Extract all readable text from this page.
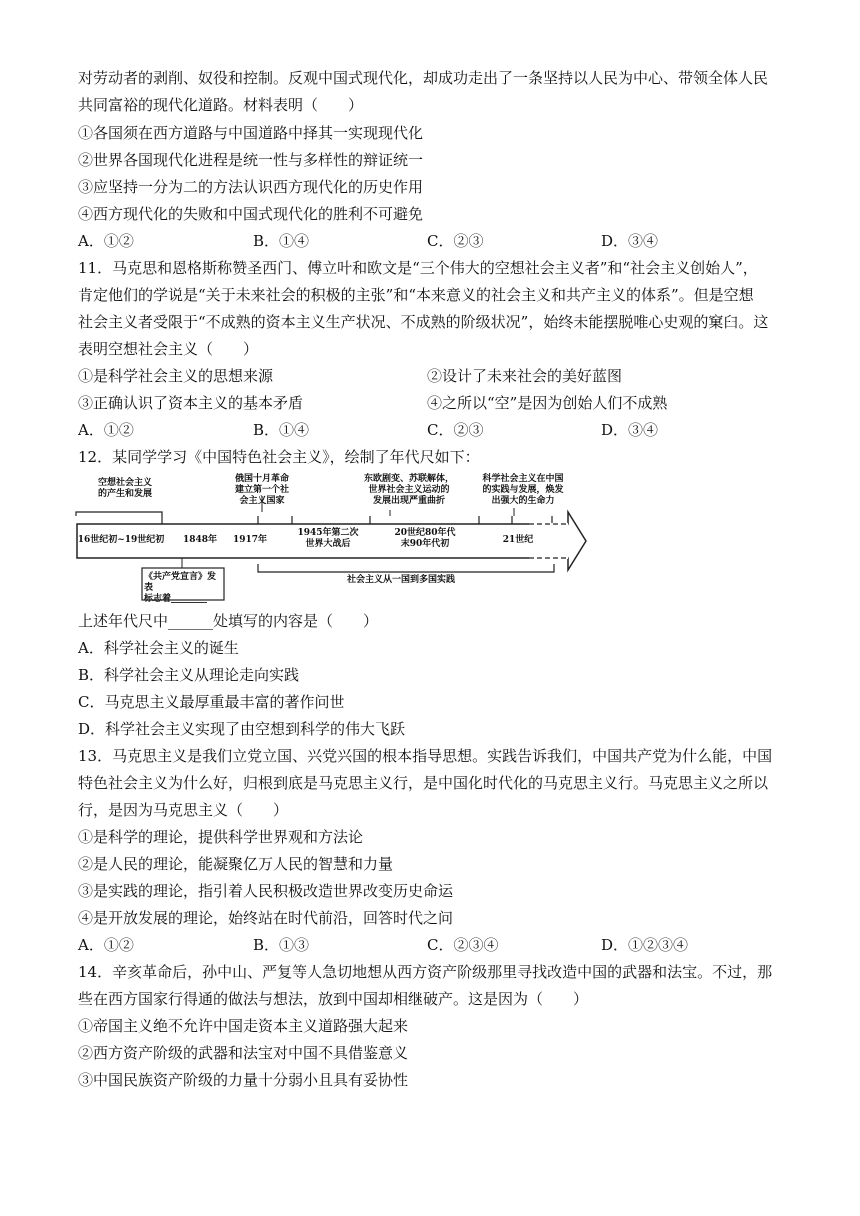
对劳动者的剥削、奴役和控制。反观中国式现代化，却成功走出了一条坚持以人民为中心、带领全体人民
共同富裕的现代化道路。材料表明（　　）
①各国须在西方道路与中国道路中择其一实现现代化
②世界各国现代化进程是统一性与多样性的辩证统一
③应坚持一分为二的方法认识西方现代化的历史作用
④西方现代化的失败和中国式现代化的胜利不可避免
A．①②	B．①④	C．②③	D．③④
11．马克思和恩格斯称赞圣西门、傅立叶和欧文是“三个伟大的空想社会主义者”和“社会主义创始人”，
肯定他们的学说是“关于未来社会的积极的主张”和“本来意义的社会主义和共产主义的体系”。但是空想
社会主义者受限于“不成熟的资本主义生产状况、不成熟的阶级状况”，始终未能摆脱唯心史观的窠臼。这
表明空想社会主义（　　）
①是科学社会主义的思想来源	②设计了未来社会的美好蓝图
③正确认识了资本主义的基本矛盾	④之所以“空”是因为创始人们不成熟
A．①②	B．①④	C．②③	D．③④
12．某同学学习《中国特色社会主义》，绘制了年代尺如下：
空想社会主义
的产生和发展
俄国十月革命
建立第一个社
会主义国家
东欧剧变、苏联解体，
世界社会主义运动的
发展出现严重曲折
科学社会主义在中国
的实践与发展，焕发
出强大的生命力
16世纪初~19世纪初	1848年	1917年
1945年第二次
世界大战后
20世纪80年代
末90年代初	21世纪
《共产党宣言》发表
标志着________
社会主义从一国到多国实践
上述年代尺中______处填写的内容是（　　）
A．科学社会主义的诞生
B．科学社会主义从理论走向实践
C．马克思主义最厚重最丰富的著作问世
D．科学社会主义实现了由空想到科学的伟大飞跃
13．马克思主义是我们立党立国、兴党兴国的根本指导思想。实践告诉我们，中国共产党为什么能，中国
特色社会主义为什么好，归根到底是马克思主义行，是中国化时代化的马克思主义行。马克思主义之所以
行，是因为马克思主义（　　）
①是科学的理论，提供科学世界观和方法论
②是人民的理论，能凝聚亿万人民的智慧和力量
③是实践的理论，指引着人民积极改造世界改变历史命运
④是开放发展的理论，始终站在时代前沿，回答时代之问
A．①②	B．①③	C．②③④	D．①②③④
14．辛亥革命后，孙中山、严复等人急切地想从西方资产阶级那里寻找改造中国的武器和法宝。不过，那
些在西方国家行得通的做法与想法，放到中国却相继破产。这是因为（　　）
①帝国主义绝不允许中国走资本主义道路强大起来
②西方资产阶级的武器和法宝对中国不具借鉴意义
③中国民族资产阶级的力量十分弱小且具有妥协性
